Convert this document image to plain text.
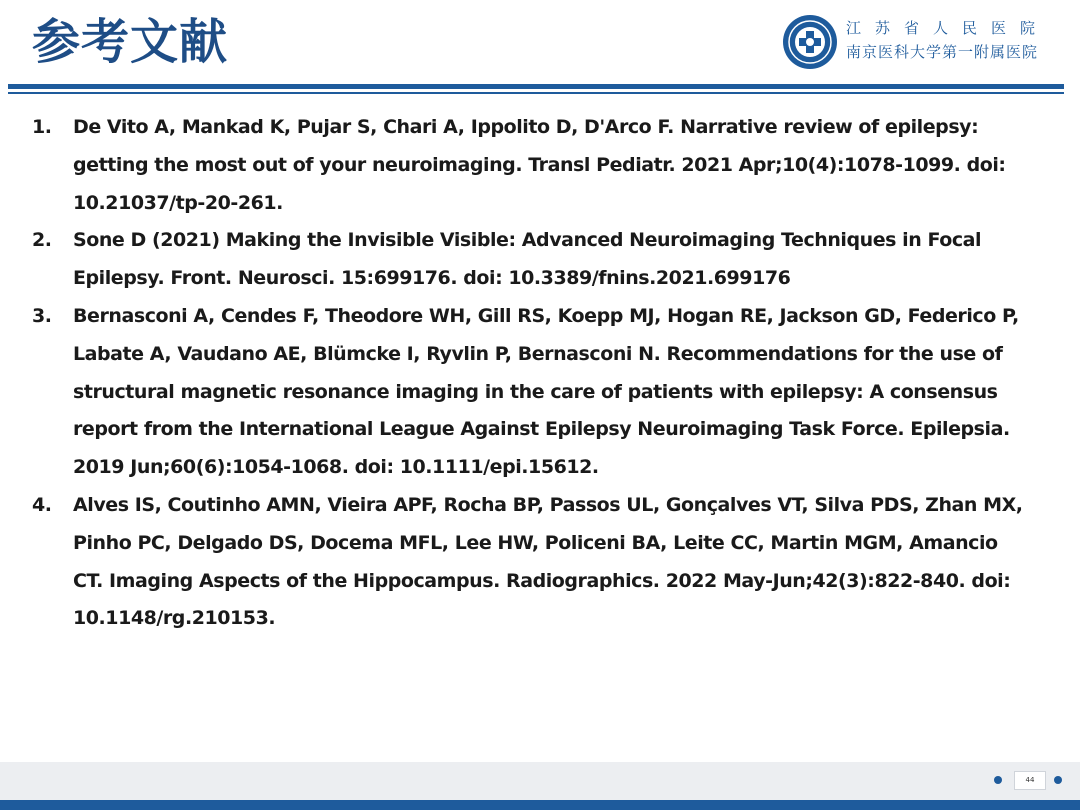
参考文献	江苏省人民医院
南京医科大学第一附属医院
1. De Vito A, Mankad K, Pujar S, Chari A, Ippolito D, D'Arco F. Narrative review of epilepsy:
getting the most out of your neuroimaging. Transl Pediatr. 2021 Apr;10(4):1078-1099. doi:
10.21037/tp-20-261.
2. Sone D (2021) Making the Invisible Visible: Advanced Neuroimaging Techniques in Focal
Epilepsy. Front. Neurosci. 15:699176. doi: 10.3389/fnins.2021.699176
3. Bernasconi A, Cendes F, Theodore WH, Gill RS, Koepp MJ, Hogan RE, Jackson GD, Federico P,
Labate A, Vaudano AE, Blümcke I, Ryvlin P, Bernasconi N. Recommendations for the use of
structural magnetic resonance imaging in the care of patients with epilepsy: A consensus
report from the International League Against Epilepsy Neuroimaging Task Force. Epilepsia.
2019 Jun;60(6):1054-1068. doi: 10.1111/epi.15612.
4. Alves IS, Coutinho AMN, Vieira APF, Rocha BP, Passos UL, Gonçalves VT, Silva PDS, Zhan MX,
Pinho PC, Delgado DS, Docema MFL, Lee HW, Policeni BA, Leite CC, Martin MGM, Amancio
CT. Imaging Aspects of the Hippocampus. Radiographics. 2022 May-Jun;42(3):822-840. doi:
10.1148/rg.210153.
44
